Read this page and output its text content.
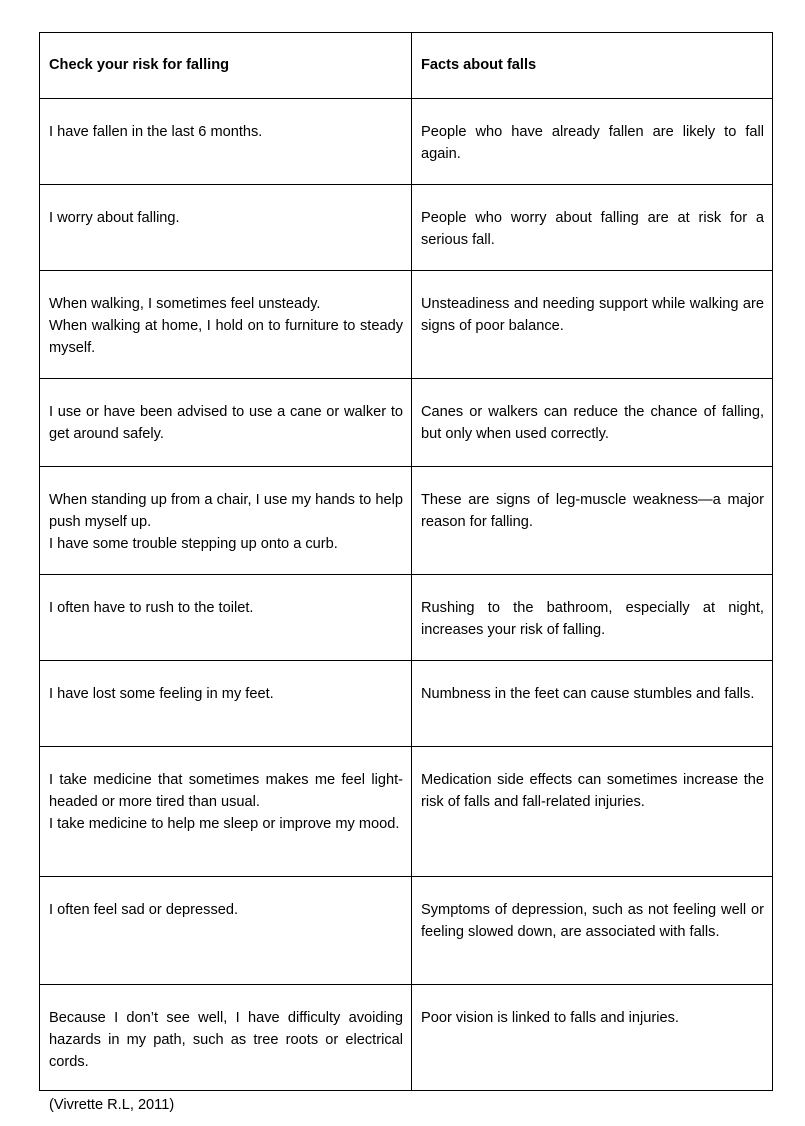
Check your risk for falling	Facts about falls

I have fallen in the last 6 months.	People who have already fallen are likely to fall again.

I worry about falling.	People who worry about falling are at risk for a serious fall.

When walking, I sometimes feel unsteady.
When walking at home, I hold on to furniture to steady myself.	Unsteadiness and needing support while walking are signs of poor balance.

I use or have been advised to use a cane or walker to get around safely.	Canes or walkers can reduce the chance of falling, but only when used correctly.

When standing up from a chair, I use my hands to help push myself up.
I have some trouble stepping up onto a curb.	These are signs of leg-muscle weakness—a major reason for falling.

I often have to rush to the toilet.	Rushing to the bathroom, especially at night, increases your risk of falling.

I have lost some feeling in my feet.	Numbness in the feet can cause stumbles and falls.

I take medicine that sometimes makes me feel light-headed or more tired than usual.
I take medicine to help me sleep or improve my mood.	Medication side effects can sometimes increase the risk of falls and fall-related injuries.

I often feel sad or depressed.	Symptoms of depression, such as not feeling well or feeling slowed down, are associated with falls.

Because I don’t see well, I have difficulty avoiding hazards in my path, such as tree roots or electrical cords.	Poor vision is linked to falls and injuries.
(Vivrette R.L, 2011)
